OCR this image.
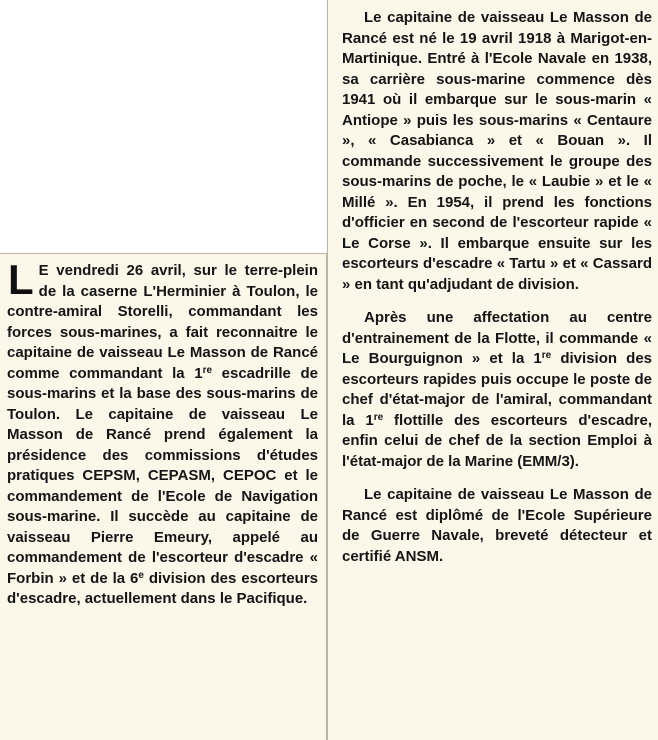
L E vendredi 26 avril, sur le terre-plein de la caserne L'Herminier à Toulon, le contre-amiral Storelli, commandant les forces sous-marines, a fait reconnaitre le capitaine de vaisseau Le Masson de Rancé comme commandant la 1re escadrille de sous-marins et la base des sous-marins de Toulon. Le capitaine de vaisseau Le Masson de Rancé prend également la présidence des commissions d'études pratiques CEPSM, CEPASM, CEPOC et le commandement de l'Ecole de Navigation sous-marine. Il succède au capitaine de vaisseau Pierre Emeury, appelé au commandement de l'escorteur d'escadre « Forbin » et de la 6e division des escorteurs d'escadre, actuellement dans le Pacifique.

Le capitaine de vaisseau Le Masson de Rancé est né le 19 avril 1918 à Marigot-en-Martinique. Entré à l'Ecole Navale en 1938, sa carrière sous-marine commence dès 1941 où il embarque sur le sous-marin « Antiope » puis les sous-marins « Centaure », « Casabianca » et « Bouan ». Il commande successivement le groupe des sous-marins de poche, le « Laubie » et le « Millé ». En 1954, il prend les fonctions d'officier en second de l'escorteur rapide « Le Corse ». Il embarque ensuite sur les escorteurs d'escadre « Tartu » et « Cassard » en tant qu'adjudant de division.

Après une affectation au centre d'entrainement de la Flotte, il commande « Le Bourguignon » et la 1re division des escorteurs rapides puis occupe le poste de chef d'état-major de l'amiral, commandant la 1re flottille des escorteurs d'escadre, enfin celui de chef de la section Emploi à l'état-major de la Marine (EMM/3).

Le capitaine de vaisseau Le Masson de Rancé est diplômé de l'Ecole Supérieure de Guerre Navale, breveté détecteur et certifié ANSM.
